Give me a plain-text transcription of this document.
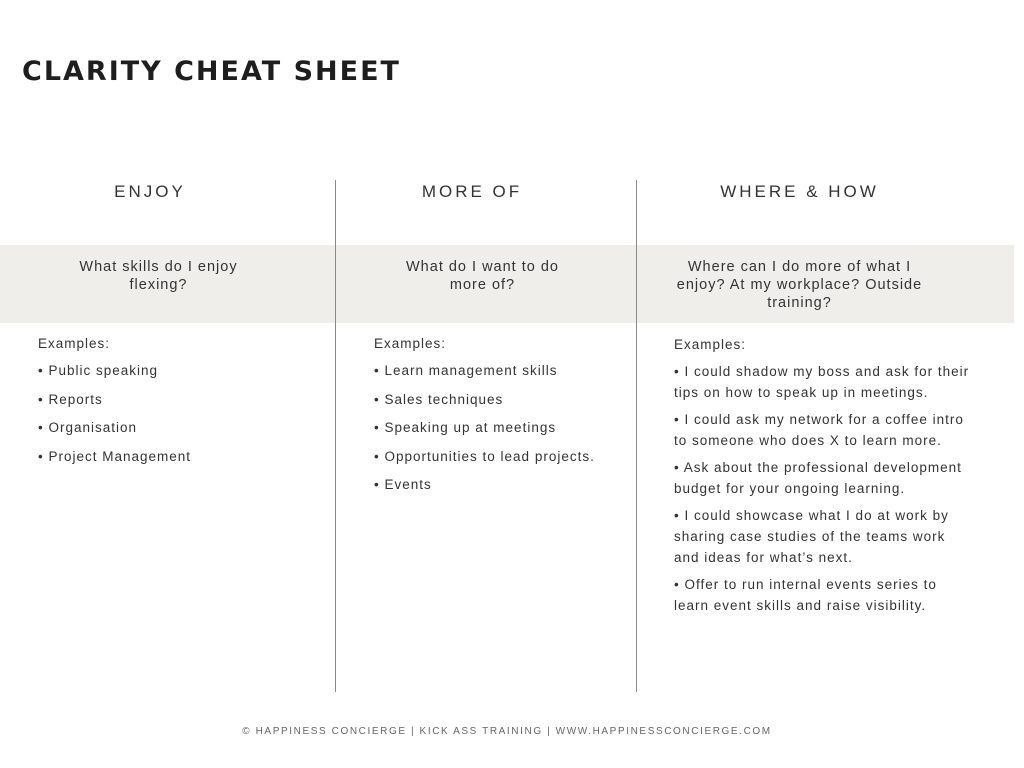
CLARITY CHEAT SHEET
ENJOY
What skills do I enjoy flexing?

Examples:

• Public speaking
• Reports
• Organisation
• Project Management
MORE OF
What do I want to do more of?

Examples:

• Learn management skills
• Sales techniques
• Speaking up at meetings
• Opportunities to lead projects.
• Events
WHERE & HOW
Where can I do more of what I enjoy? At my workplace? Outside training?

Examples:

• I could shadow my boss and ask for their tips on how to speak up in meetings.
• I could ask my network for a coffee intro to someone who does X to learn more.
• Ask about the professional development budget for your ongoing learning.
• I could showcase what I do at work by sharing case studies of the teams work and ideas for what’s next.
• Offer to run internal events series to learn event skills and raise visibility.
© HAPPINESS CONCIERGE | KICK ASS TRAINING | WWW.HAPPINESSCONCIERGE.COM
